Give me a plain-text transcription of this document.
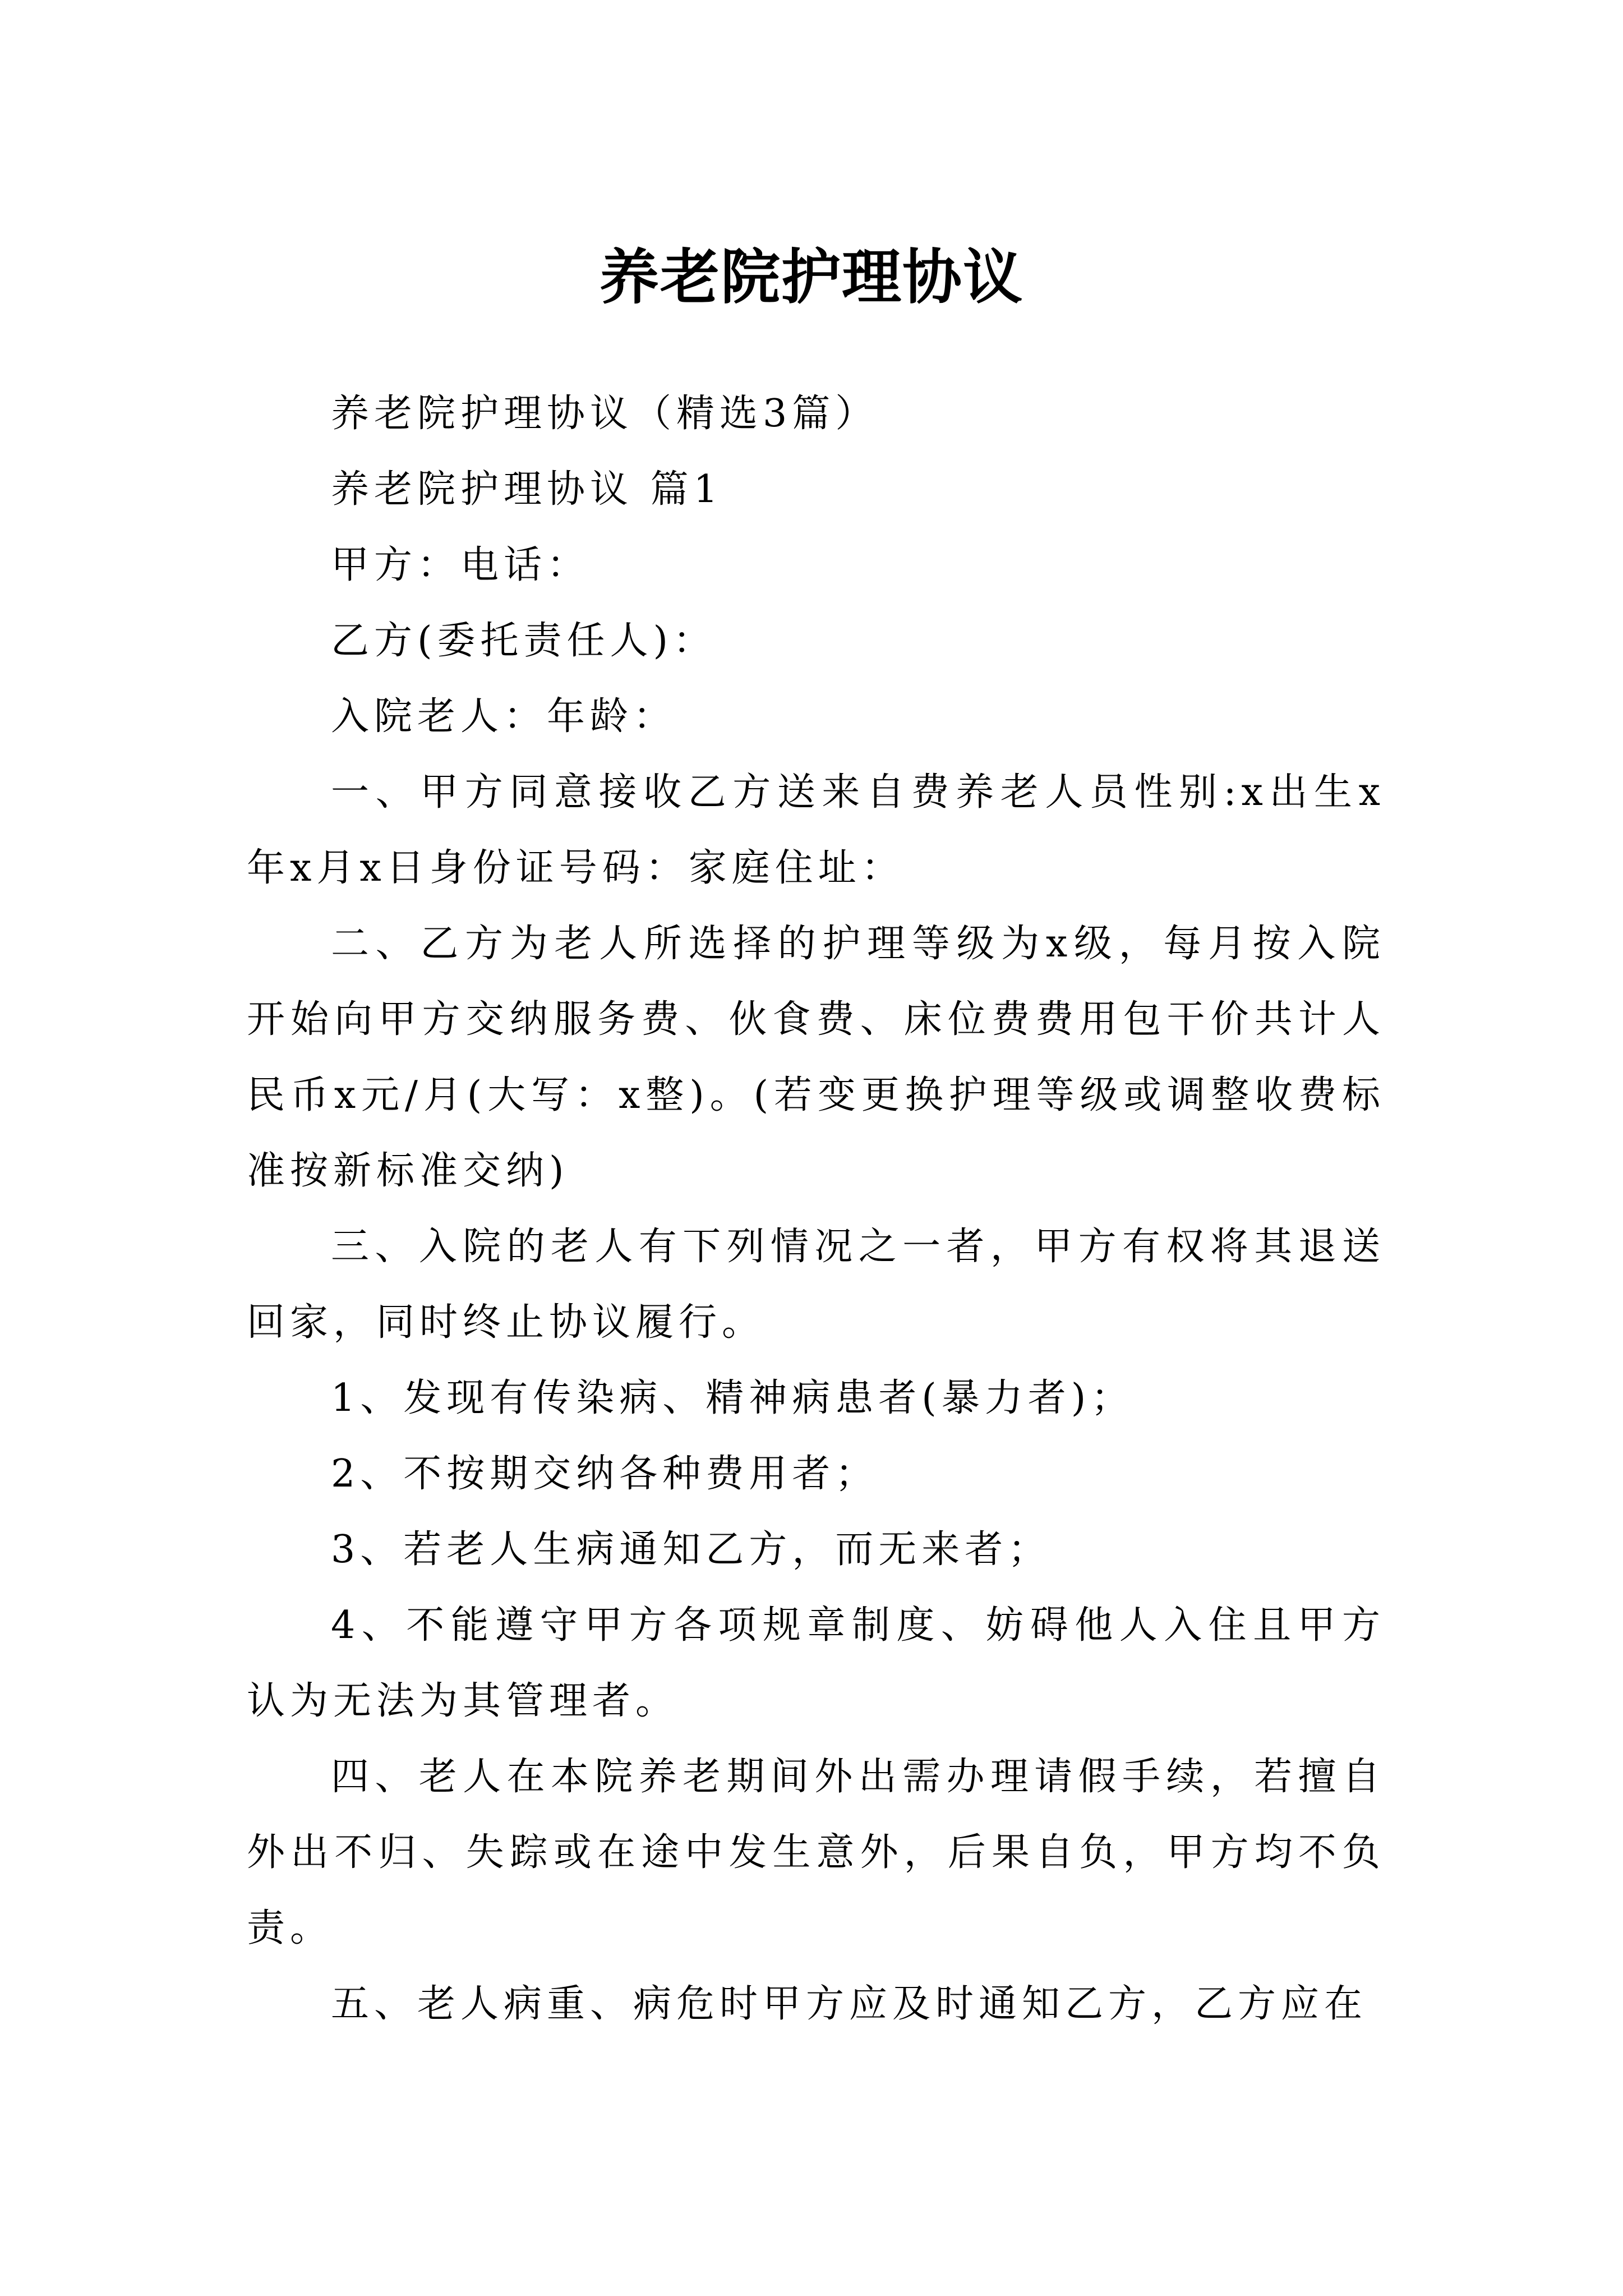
养老院护理协议

养老院护理协议（精选3篇）

养老院护理协议 篇1

甲方：电话：

乙方(委托责任人)：

入院老人：年龄：

一、甲方同意接收乙方送来自费养老人员性别:x出生x年x月x日身份证号码：家庭住址：

二、乙方为老人所选择的护理等级为x级，每月按入院开始向甲方交纳服务费、伙食费、床位费费用包干价共计人民币x元/月(大写：x整)。(若变更换护理等级或调整收费标准按新标准交纳)

三、入院的老人有下列情况之一者，甲方有权将其退送回家，同时终止协议履行。

1、发现有传染病、精神病患者(暴力者)；

2、不按期交纳各种费用者；

3、若老人生病通知乙方，而无来者；

4、不能遵守甲方各项规章制度、妨碍他人入住且甲方认为无法为其管理者。

四、老人在本院养老期间外出需办理请假手续，若擅自外出不归、失踪或在途中发生意外，后果自负，甲方均不负责。

五、老人病重、病危时甲方应及时通知乙方，乙方应在
